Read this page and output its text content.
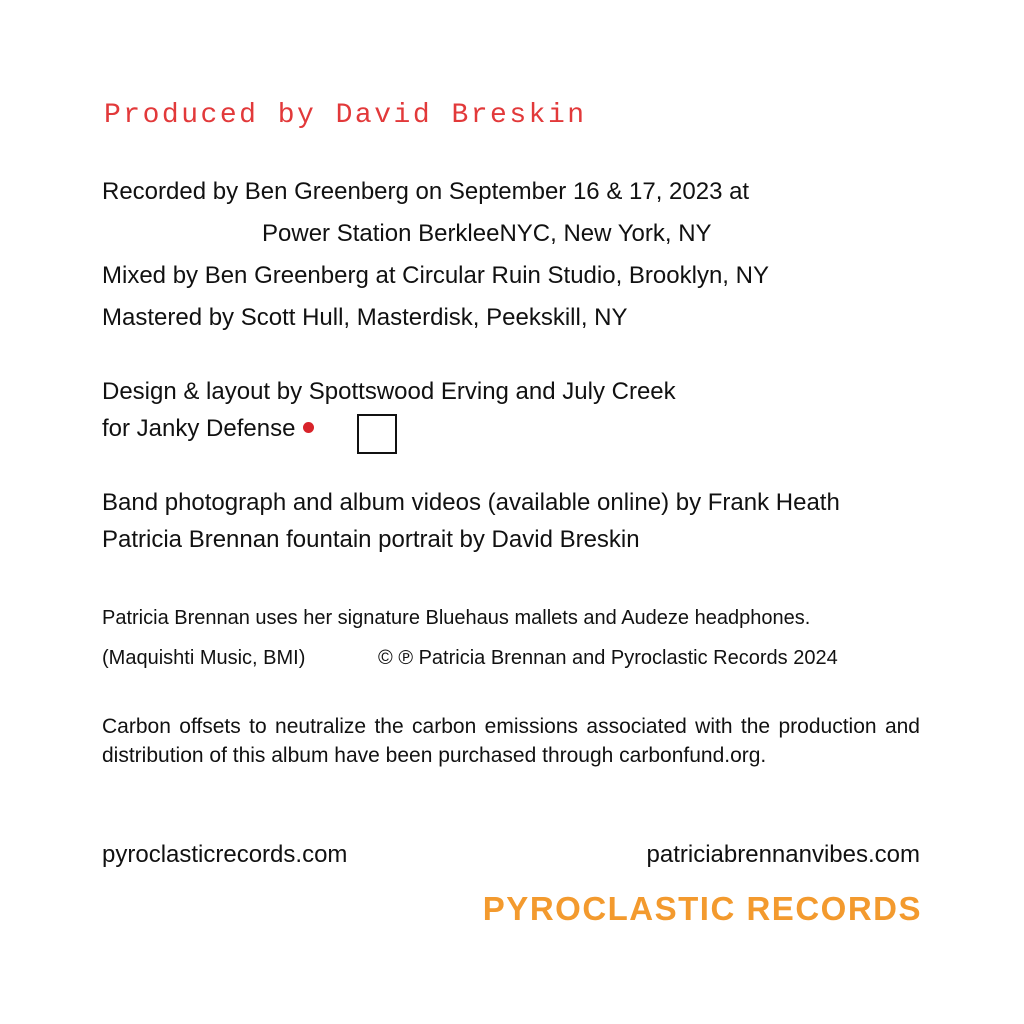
Produced by David Breskin
Recorded by Ben Greenberg on September 16 & 17, 2023 at
Power Station BerkleeNYC, New York, NY
Mixed by Ben Greenberg at Circular Ruin Studio, Brooklyn, NY
Mastered by Scott Hull, Masterdisk, Peekskill, NY
Design & layout by Spottswood Erving and July Creek
for Janky Defense
Band photograph and album videos (available online) by Frank Heath
Patricia Brennan fountain portrait by David Breskin
Patricia Brennan uses her signature Bluehaus mallets and Audeze headphones.
(Maquishti Music, BMI)	© ℗ Patricia Brennan and Pyroclastic Records 2024
Carbon offsets to neutralize the carbon emissions associated with the production and distribution of this album have been purchased through carbonfund.org.
pyroclasticrecords.com	patriciabrennanvibes.com
PYROCLASTIC RECORDS
